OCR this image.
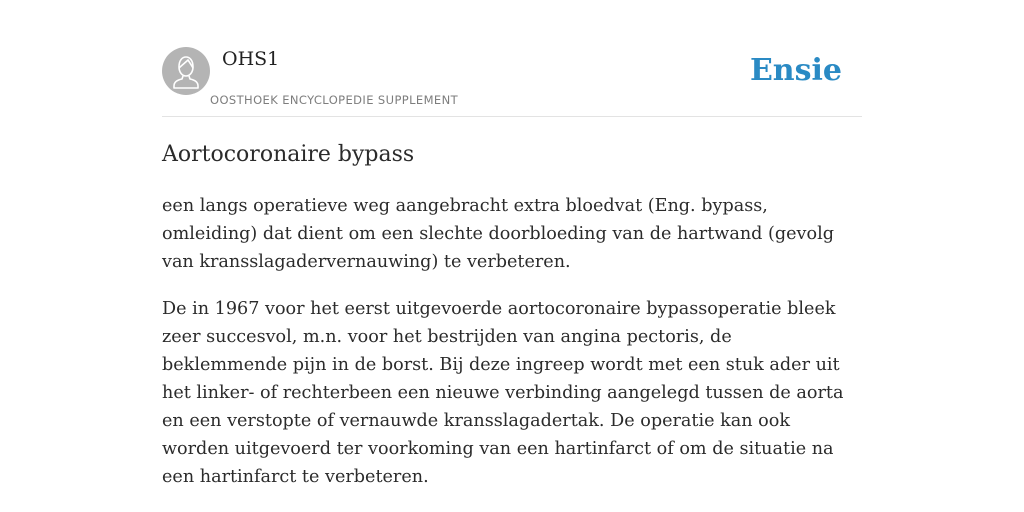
OHS1
OOSTHOEK ENCYCLOPEDIE SUPPLEMENT
Ensie
Aortocoronaire bypass

een langs operatieve weg aangebracht extra bloedvat (Eng. bypass, omleiding) dat dient om een slechte doorbloeding van de hartwand (gevolg van kransslagadervernauwing) te verbeteren.

De in 1967 voor het eerst uitgevoerde aortocoronaire bypassoperatie bleek zeer succesvol, m.n. voor het bestrijden van angina pectoris, de beklemmende pijn in de borst. Bij deze ingreep wordt met een stuk ader uit het linker- of rechterbeen een nieuwe verbinding aangelegd tussen de aorta en een verstopte of vernauwde kransslagadertak. De operatie kan ook worden uitgevoerd ter voorkoming van een hartinfarct of om de situatie na een hartinfarct te verbeteren.
